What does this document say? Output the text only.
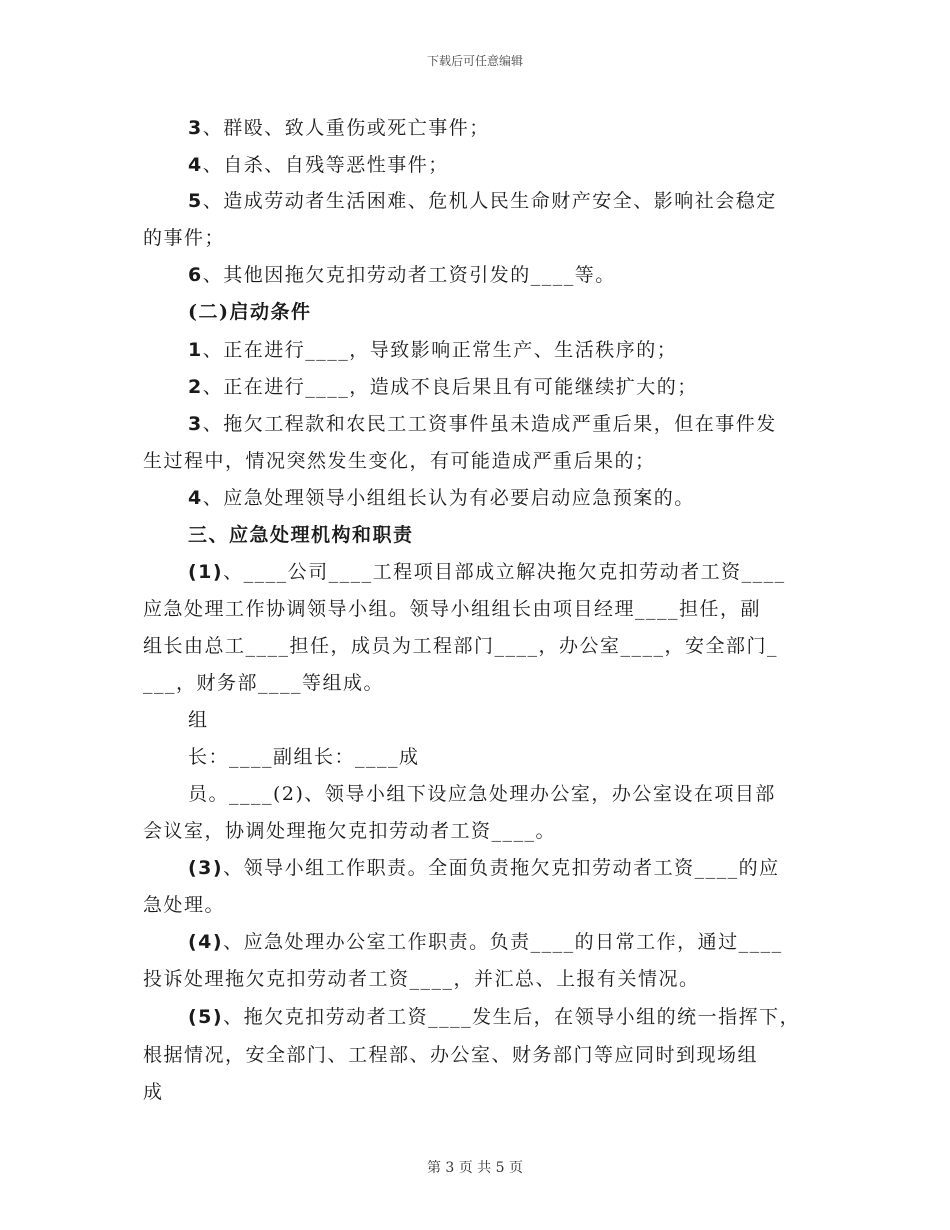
下载后可任意编辑
3、群殴、致人重伤或死亡事件；
4、自杀、自残等恶性事件；
5、造成劳动者生活困难、危机人民生命财产安全、影响社会稳定
的事件；
6、其他因拖欠克扣劳动者工资引发的____等。
(二)启动条件
1、正在进行____，导致影响正常生产、生活秩序的；
2、正在进行____，造成不良后果且有可能继续扩大的；
3、拖欠工程款和农民工工资事件虽未造成严重后果，但在事件发
生过程中，情况突然发生变化，有可能造成严重后果的；
4、应急处理领导小组组长认为有必要启动应急预案的。
三、应急处理机构和职责
(1)、____公司____工程项目部成立解决拖欠克扣劳动者工资____
应急处理工作协调领导小组。领导小组组长由项目经理____担任，副
组长由总工____担任，成员为工程部门____，办公室____，安全部门_
___，财务部____等组成。
组
长：____副组长：____成
员。____(2)、领导小组下设应急处理办公室，办公室设在项目部
会议室，协调处理拖欠克扣劳动者工资____。
(3)、领导小组工作职责。全面负责拖欠克扣劳动者工资____的应
急处理。
(4)、应急处理办公室工作职责。负责____的日常工作，通过____
投诉处理拖欠克扣劳动者工资____，并汇总、上报有关情况。
(5)、拖欠克扣劳动者工资____发生后，在领导小组的统一指挥下，
根据情况，安全部门、工程部、办公室、财务部门等应同时到现场组
成
第 3 页 共 5 页
